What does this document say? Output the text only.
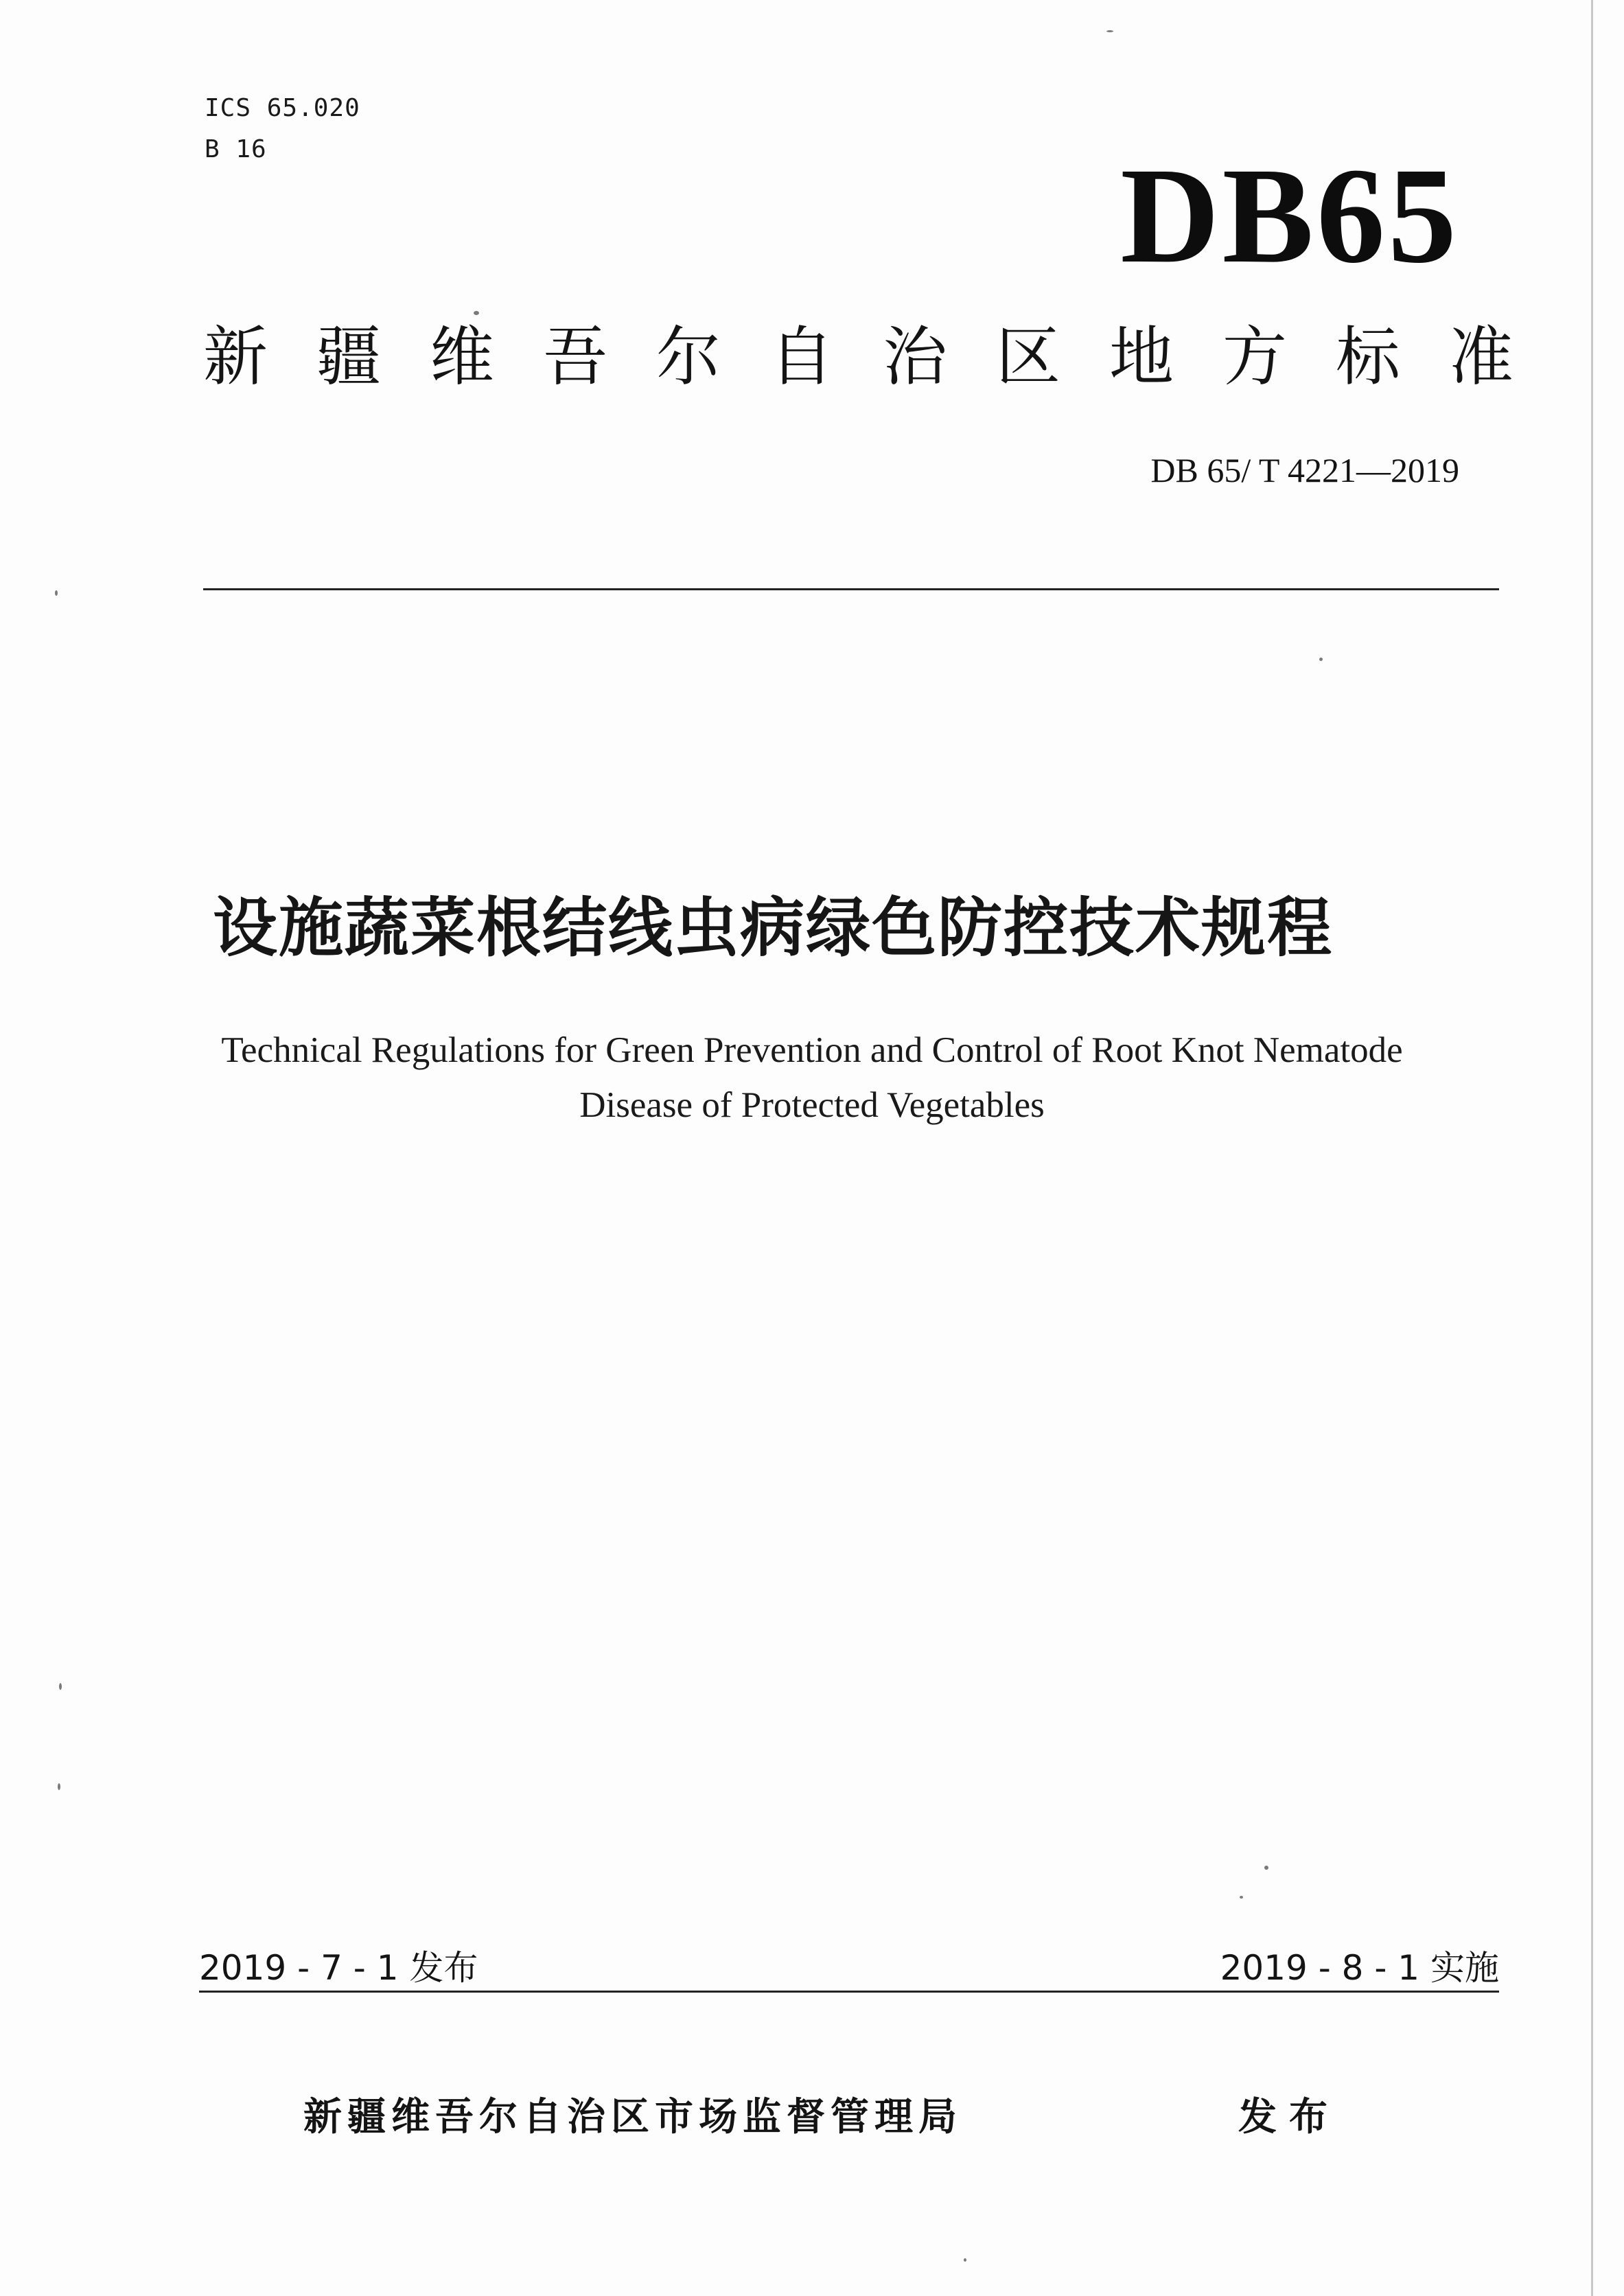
ICS 65.020
B 16	DB65
新疆维吾尔自治区地方标准
DB 65/ T 4221—2019
设施蔬菜根结线虫病绿色防控技术规程
Technical Regulations for Green Prevention and Control of Root Knot Nematode
Disease of Protected Vegetables
2019 - 7 - 1 发布	2019 - 8 - 1 实施
新疆维吾尔自治区市场监督管理局	发布
